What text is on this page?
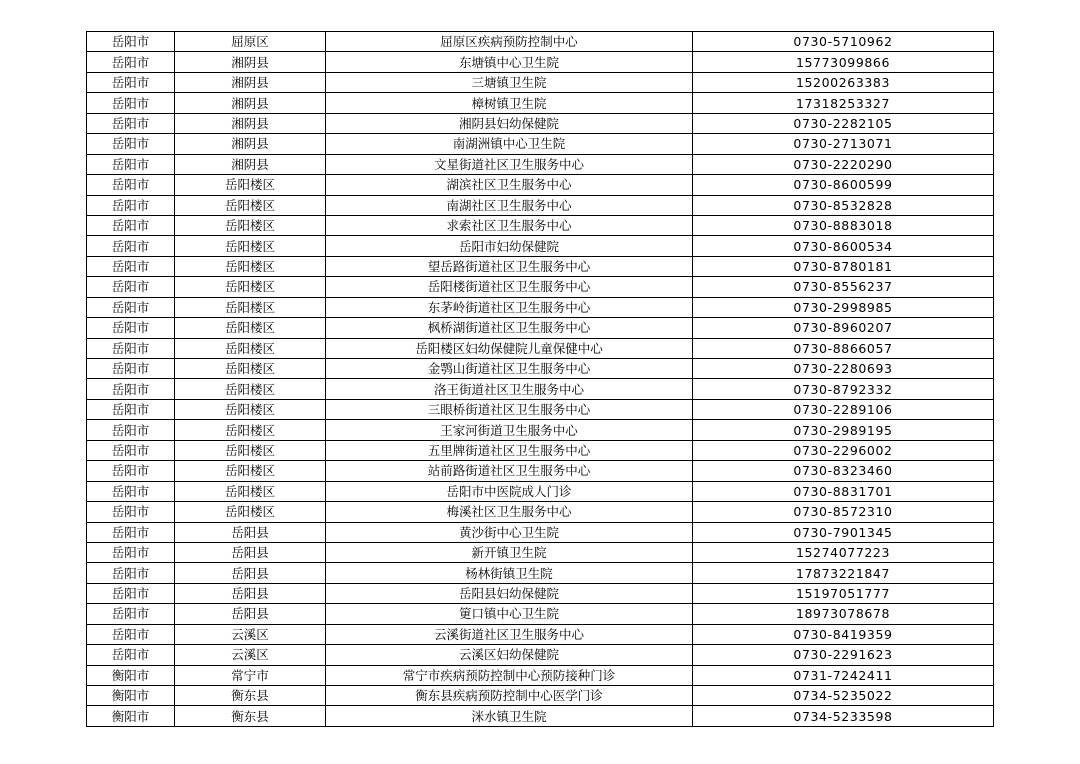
岳阳市	屈原区	屈原区疾病预防控制中心	0730-5710962
岳阳市	湘阴县	东塘镇中心卫生院	15773099866
岳阳市	湘阴县	三塘镇卫生院	15200263383
岳阳市	湘阴县	樟树镇卫生院	17318253327
岳阳市	湘阴县	湘阴县妇幼保健院	0730-2282105
岳阳市	湘阴县	南湖洲镇中心卫生院	0730-2713071
岳阳市	湘阴县	文星街道社区卫生服务中心	0730-2220290
岳阳市	岳阳楼区	湖滨社区卫生服务中心	0730-8600599
岳阳市	岳阳楼区	南湖社区卫生服务中心	0730-8532828
岳阳市	岳阳楼区	求索社区卫生服务中心	0730-8883018
岳阳市	岳阳楼区	岳阳市妇幼保健院	0730-8600534
岳阳市	岳阳楼区	望岳路街道社区卫生服务中心	0730-8780181
岳阳市	岳阳楼区	岳阳楼街道社区卫生服务中心	0730-8556237
岳阳市	岳阳楼区	东茅岭街道社区卫生服务中心	0730-2998985
岳阳市	岳阳楼区	枫桥湖街道社区卫生服务中心	0730-8960207
岳阳市	岳阳楼区	岳阳楼区妇幼保健院儿童保健中心	0730-8866057
岳阳市	岳阳楼区	金鹗山街道社区卫生服务中心	0730-2280693
岳阳市	岳阳楼区	洛王街道社区卫生服务中心	0730-8792332
岳阳市	岳阳楼区	三眼桥街道社区卫生服务中心	0730-2289106
岳阳市	岳阳楼区	王家河街道卫生服务中心	0730-2989195
岳阳市	岳阳楼区	五里牌街道社区卫生服务中心	0730-2296002
岳阳市	岳阳楼区	站前路街道社区卫生服务中心	0730-8323460
岳阳市	岳阳楼区	岳阳市中医院成人门诊	0730-8831701
岳阳市	岳阳楼区	梅溪社区卫生服务中心	0730-8572310
岳阳市	岳阳县	黄沙街中心卫生院	0730-7901345
岳阳市	岳阳县	新开镇卫生院	15274077223
岳阳市	岳阳县	杨林街镇卫生院	17873221847
岳阳市	岳阳县	岳阳县妇幼保健院	15197051777
岳阳市	岳阳县	筻口镇中心卫生院	18973078678
岳阳市	云溪区	云溪街道社区卫生服务中心	0730-8419359
岳阳市	云溪区	云溪区妇幼保健院	0730-2291623
衡阳市	常宁市	常宁市疾病预防控制中心预防接种门诊	0731-7242411
衡阳市	衡东县	衡东县疾病预防控制中心医学门诊	0734-5235022
衡阳市	衡东县	洣水镇卫生院	0734-5233598
